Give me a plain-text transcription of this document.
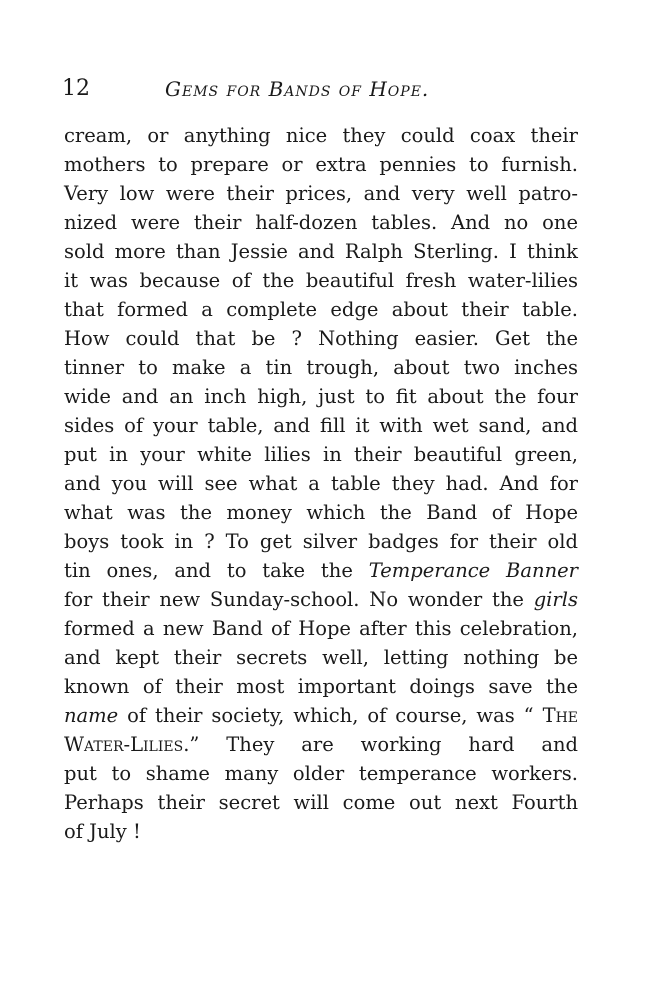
12	Gems for Bands of Hope.
cream, or anything nice they could coax their
mothers to prepare or extra pennies to furnish.
Very low were their prices, and very well patro-
nized were their half-dozen tables. And no one
sold more than Jessie and Ralph Sterling. I think
it was because of the beautiful fresh water-lilies
that formed a complete edge about their table.
How could that be ? Nothing easier. Get the
tinner to make a tin trough, about two inches
wide and an inch high, just to fit about the four
sides of your table, and fill it with wet sand, and
put in your white lilies in their beautiful green,
and you will see what a table they had. And for
what was the money which the Band of Hope
boys took in ? To get silver badges for their old
tin ones, and to take the Temperance Banner
for their new Sunday-school. No wonder the girls
formed a new Band of Hope after this celebration,
and kept their secrets well, letting nothing be
known of their most important doings save the
name of their society, which, of course, was “ The
Water-Lilies.” They are working hard and
put to shame many older temperance workers.
Perhaps their secret will come out next Fourth
of July !
